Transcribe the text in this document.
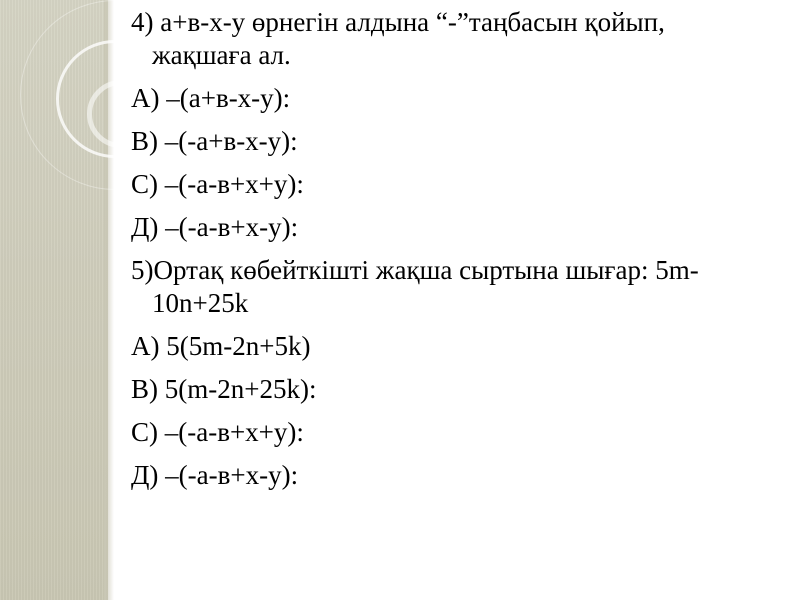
4) а+в-х-у өрнегін алдына “-”таңбасын қойып, жақшаға ал.

А) –(а+в-х-у):

В) –(-а+в-х-у):

С) –(-а-в+х+у):

Д) –(-а-в+х-у):

5)Ортақ көбейткішті жақша сыртына шығар: 5m-10n+25k

А) 5(5m-2n+5k)

В) 5(m-2n+25k):

С) –(-а-в+х+у):

Д) –(-а-в+х-у):
